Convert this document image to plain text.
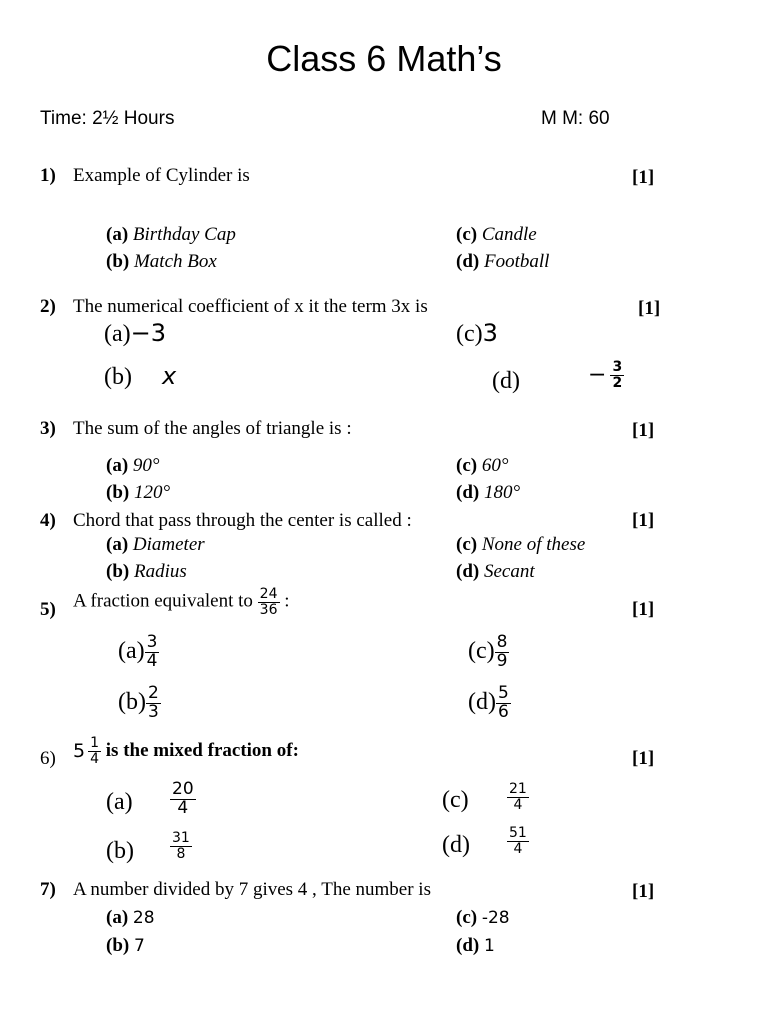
Class 6 Math’s
Time: 2½ Hours	M M: 60
1) Example of Cylinder is	[1]
(a) Birthday Cap	(c) Candle
(b) Match Box	(d) Football
2) The numerical coefficient of x it the term 3x is	[1]
(a)−3	(c)3
(b) x	(d)	− $\frac{3}{2}$
3) The sum of the angles of triangle is :	[1]
(a) 90°	(c) 60°
(b) 120°	(d) 180°
4) Chord that pass through the center is called :	[1]
(a) Diameter	(c) None of these
(b) Radius	(d) Secant
5) A fraction equivalent to $\frac{24}{36}$ :	[1]
$(a) \frac{3}{4}$	$(c) \frac{8}{9}$
$(b) \frac{2}{3}$	$(d) \frac{5}{6}$
6) $5 \frac{1}{4}$ is the mixed fraction of:	[1]
$(a) \frac{20}{4}$	(c)	$\frac{21}{4}$
(b)	$\frac{31}{8}$	(d)	$\frac{51}{4}$
7) A number divided by 7 gives 4 , The number is	[1]
(a) 28	(c) -28
(b) 7	(d) 1
